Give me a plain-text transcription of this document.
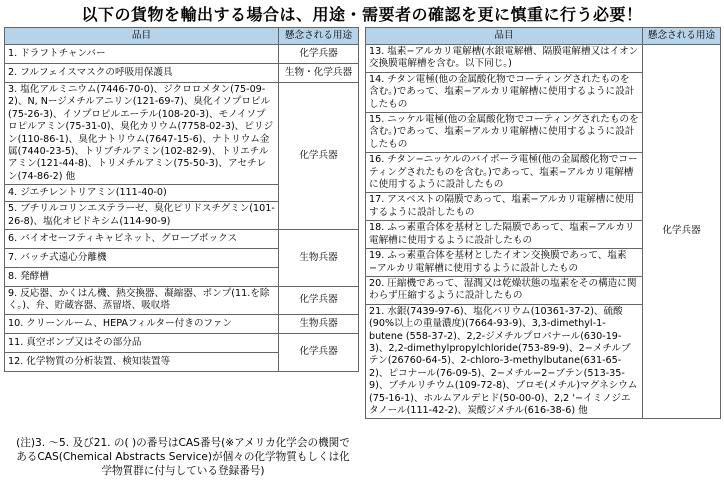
以下の貨物を輸出する場合は、用途・需要者の確認を更に慎重に行う必要！
品目	懸念される用途
1. ドラフトチャンバー	化学兵器
2. フルフェイスマスクの呼吸用保護具	生物・化学兵器
3. 塩化アルミニウム(7446-70-0)、ジクロロメタン(75-09-2)、N, Nージメチルアニリン(121-69-7)、臭化イソプロピル(75-26-3)、イソプロピルエーテル(108-20-3)、モノイソプロピルアミン(75-31-0)、臭化カリウム(7758-02-3)、ピリジン(110-86-1)、臭化ナトリウム(7647-15-6)、ナトリウム金属(7440-23-5)、トリブチルアミン(102-82-9)、トリエチルアミン(121-44-8)、トリメチルアミン(75-50-3)、アセチレン(74-86-2) 他	化学兵器
4. ジエチレントリアミン(111-40-0)	
5. ブチリルコリンエステラーゼ、臭化ピリドスチグミン(101-26-8)、塩化オビドキシム(114-90-9)	
6. バイオセーフティキャビネット、グローブボックス	生物兵器
7. バッチ式遠心分離機	
8. 発酵槽	
9. 反応器、かくはん機、熱交換器、凝縮器、ポンプ(11.を除く。)、弁、貯蔵容器、蒸留塔、吸収塔	化学兵器
10. クリーンルーム、HEPAフィルター付きのファン	生物兵器
11. 真空ポンプ又はその部分品	化学兵器
12. 化学物質の分析装置、検知装置等	
品目	懸念される用途
13. 塩素−アルカリ電解槽(水銀電解槽、隔膜電解槽又はイオン交換膜電解槽を含む。以下同じ。)	化学兵器
14. チタン電極(他の金属酸化物でコーティングされたものを含む。)であって、塩素−アルカリ電解槽に使用するように設計したもの	
15. ニッケル電極(他の金属酸化物でコーティングされたものを含む。)であって、塩素−アルカリ電解槽に使用するように設計したもの	
16. チタン−ニッケルのバイポーラ電極(他の金属酸化物でコーティングされたものを含む。)であって、塩素−アルカリ電解槽に使用するように設計したもの	
17. アスベストの隔膜であって、塩素−アルカリ電解槽に使用するように設計したもの	
18. ふっ素重合体を基材とした隔膜であって、塩素−アルカリ電解槽に使用するように設計したもの	
19. ふっ素重合体を基材としたイオン交換膜であって、塩素−アルカリ電解槽に使用するように設計したもの	
20. 圧縮機であって、湿潤又は乾燥状態の塩素をその構造に関わらず圧縮するように設計したもの	
21. 水銀(7439-97-6)、塩化バリウム(10361-37-2)、硫酸(90%以上の重量濃度)(7664-93-9)、3,3-dimethyl-1-butene (558-37-2)、2,2-ジメチルプロパナール(630-19-3)、2,2-dimethylpropylchloride(753-89-9)、2−メチルブテン(26760-64-5)、2-chloro-3-methylbutane(631-65-2)、ピコナール(76-09-5)、2−メチル−2−ブテン(513-35-9)、ブチルリチウム(109-72-8)、ブロモ(メチル)マグネシウム(75-16-1)、ホルムアルデヒド(50-00-0)、2,2 '−イミノジエタノール(111-42-2)、炭酸ジメチル(616-38-6) 他	
(注)3. ～5. 及び21. の( )の番号はCAS番号(※アメリカ化学会の機関であるCAS(Chemical Abstracts Service)が個々の化学物質もしくは化学物質群に付与している登録番号)
